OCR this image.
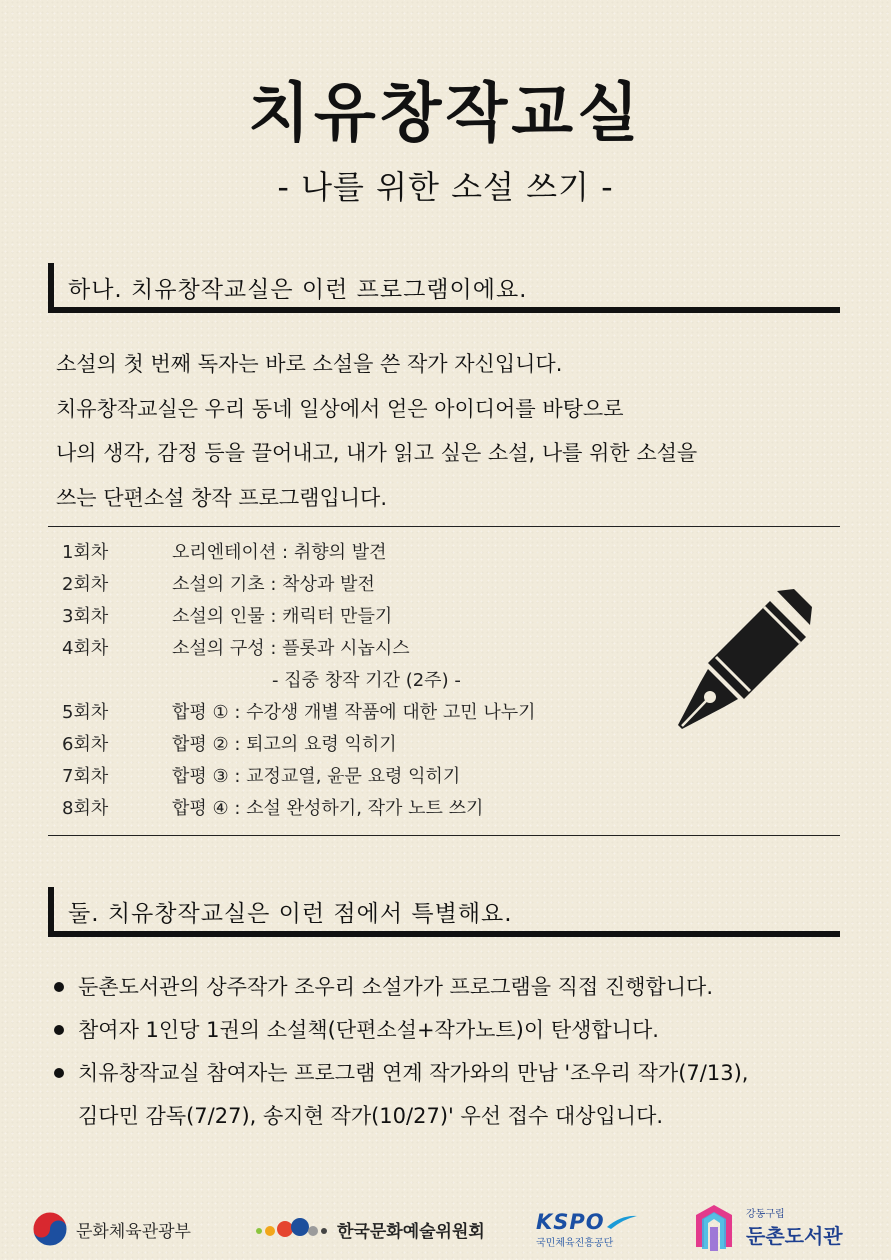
치유창작교실
- 나를 위한 소설 쓰기 -
하나. 치유창작교실은 이런 프로그램이에요.
소설의 첫 번째 독자는 바로 소설을 쓴 작가 자신입니다.
치유창작교실은 우리 동네 일상에서 얻은 아이디어를 바탕으로
나의 생각, 감정 등을 끌어내고, 내가 읽고 싶은 소설, 나를 위한 소설을
쓰는 단편소설 창작 프로그램입니다.
1회차	오리엔테이션 : 취향의 발견
2회차	소설의 기초 : 착상과 발전
3회차	소설의 인물 : 캐릭터 만들기
4회차	소설의 구성 : 플롯과 시놉시스
- 집중 창작 기간 (2주) -
5회차	합평 ① : 수강생 개별 작품에 대한 고민 나누기
6회차	합평 ② : 퇴고의 요령 익히기
7회차	합평 ③ : 교정교열, 윤문 요령 익히기
8회차	합평 ④ : 소설 완성하기, 작가 노트 쓰기
둘. 치유창작교실은 이런 점에서 특별해요.
둔촌도서관의 상주작가 조우리 소설가가 프로그램을 직접 진행합니다.
참여자 1인당 1권의 소설책(단편소설+작가노트)이 탄생합니다.
치유창작교실 참여자는 프로그램 연계 작가와의 만남 '조우리 작가(7/13),
김다민 감독(7/27), 송지현 작가(10/27)' 우선 접수 대상입니다.
문화체육관광부	한국문화예술위원회 KSPO
국민체육진흥공단
강동구립
둔촌도서관
